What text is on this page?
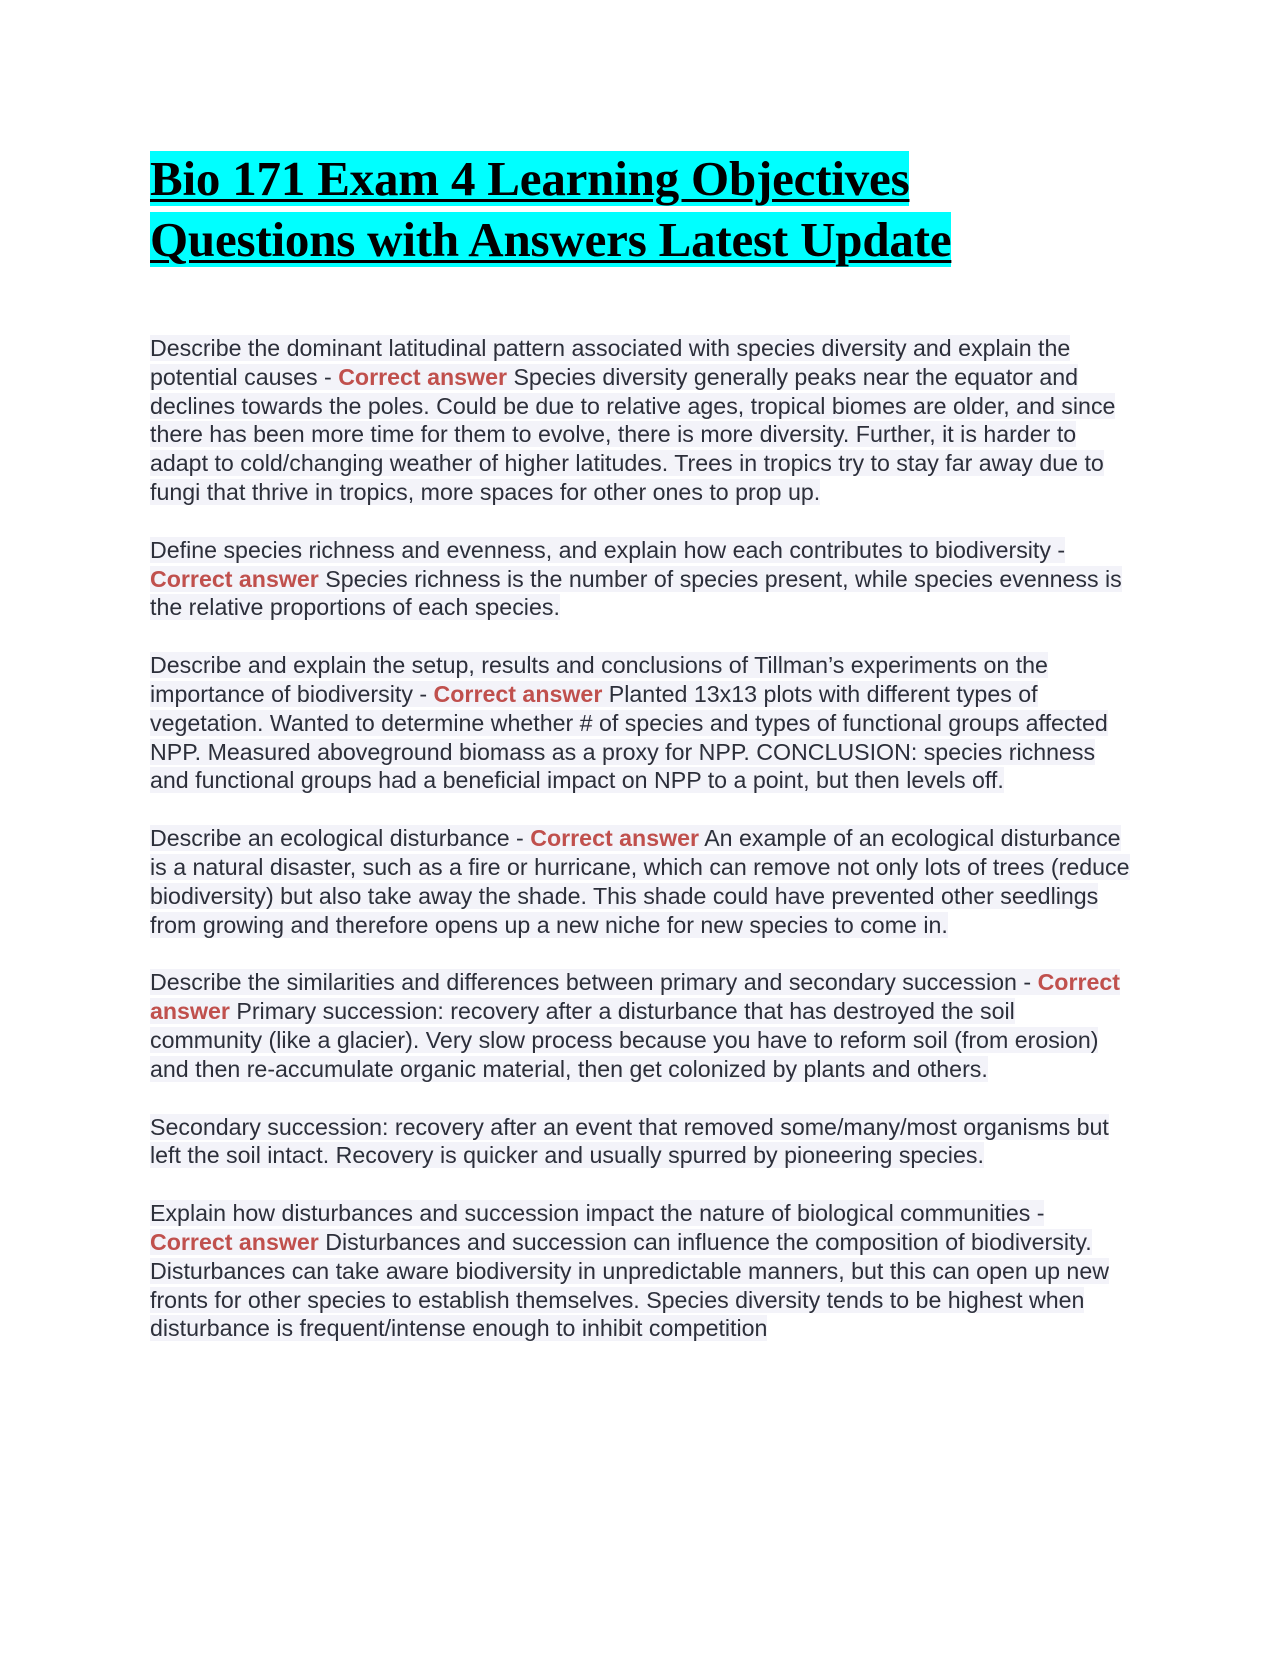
Bio 171 Exam 4 Learning Objectives
Questions with Answers Latest Update

Describe the dominant latitudinal pattern associated with species diversity and explain the potential causes - Correct answer Species diversity generally peaks near the equator and declines towards the poles. Could be due to relative ages, tropical biomes are older, and since there has been more time for them to evolve, there is more diversity. Further, it is harder to adapt to cold/changing weather of higher latitudes. Trees in tropics try to stay far away due to fungi that thrive in tropics, more spaces for other ones to prop up.

Define species richness and evenness, and explain how each contributes to biodiversity - Correct answer Species richness is the number of species present, while species evenness is the relative proportions of each species.

Describe and explain the setup, results and conclusions of Tillman’s experiments on the importance of biodiversity - Correct answer Planted 13x13 plots with different types of vegetation. Wanted to determine whether # of species and types of functional groups affected NPP. Measured aboveground biomass as a proxy for NPP. CONCLUSION: species richness and functional groups had a beneficial impact on NPP to a point, but then levels off.

Describe an ecological disturbance - Correct answer An example of an ecological disturbance is a natural disaster, such as a fire or hurricane, which can remove not only lots of trees (reduce biodiversity) but also take away the shade. This shade could have prevented other seedlings from growing and therefore opens up a new niche for new species to come in.

Describe the similarities and differences between primary and secondary succession - Correct answer Primary succession: recovery after a disturbance that has destroyed the soil community (like a glacier). Very slow process because you have to reform soil (from erosion) and then re-accumulate organic material, then get colonized by plants and others.

Secondary succession: recovery after an event that removed some/many/most organisms but left the soil intact. Recovery is quicker and usually spurred by pioneering species.

Explain how disturbances and succession impact the nature of biological communities - Correct answer Disturbances and succession can influence the composition of biodiversity. Disturbances can take aware biodiversity in unpredictable manners, but this can open up new fronts for other species to establish themselves. Species diversity tends to be highest when disturbance is frequent/intense enough to inhibit competition
